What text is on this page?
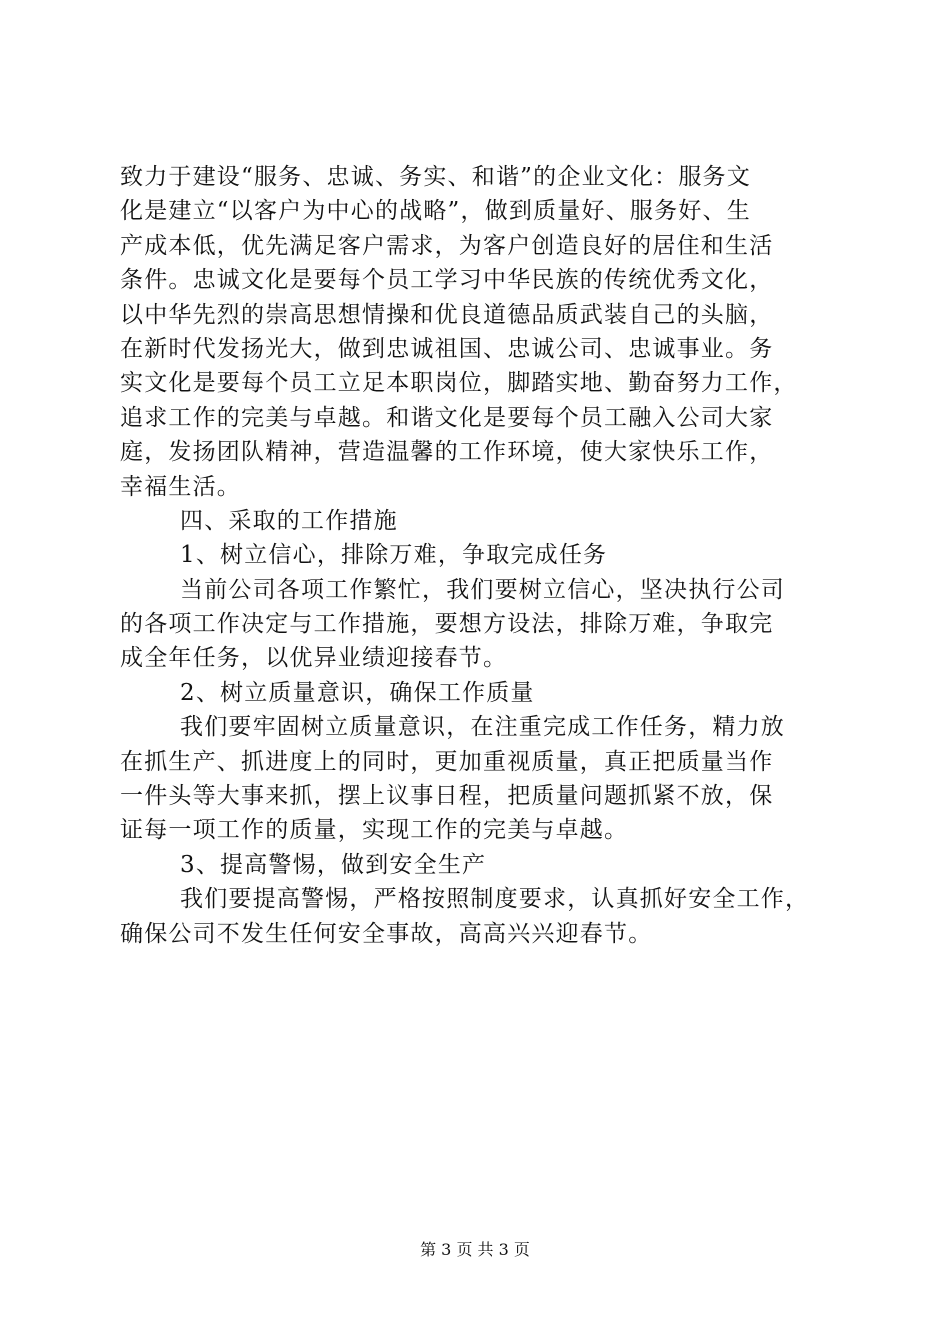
致力于建设“服务、忠诚、务实、和谐”的企业文化：服务文
化是建立“以客户为中心的战略”，做到质量好、服务好、生
产成本低，优先满足客户需求，为客户创造良好的居住和生活
条件。忠诚文化是要每个员工学习中华民族的传统优秀文化，
以中华先烈的崇高思想情操和优良道德品质武装自己的头脑，
在新时代发扬光大，做到忠诚祖国、忠诚公司、忠诚事业。务
实文化是要每个员工立足本职岗位，脚踏实地、勤奋努力工作，
追求工作的完美与卓越。和谐文化是要每个员工融入公司大家
庭，发扬团队精神，营造温馨的工作环境，使大家快乐工作，
幸福生活。
四、采取的工作措施
1、树立信心，排除万难，争取完成任务
当前公司各项工作繁忙，我们要树立信心，坚决执行公司
的各项工作决定与工作措施，要想方设法，排除万难，争取完
成全年任务，以优异业绩迎接春节。
2、树立质量意识，确保工作质量
我们要牢固树立质量意识，在注重完成工作任务，精力放
在抓生产、抓进度上的同时，更加重视质量，真正把质量当作
一件头等大事来抓，摆上议事日程，把质量问题抓紧不放，保
证每一项工作的质量，实现工作的完美与卓越。
3、提高警惕，做到安全生产
我们要提高警惕，严格按照制度要求，认真抓好安全工作，
确保公司不发生任何安全事故，高高兴兴迎春节。
第 3 页 共 3 页
